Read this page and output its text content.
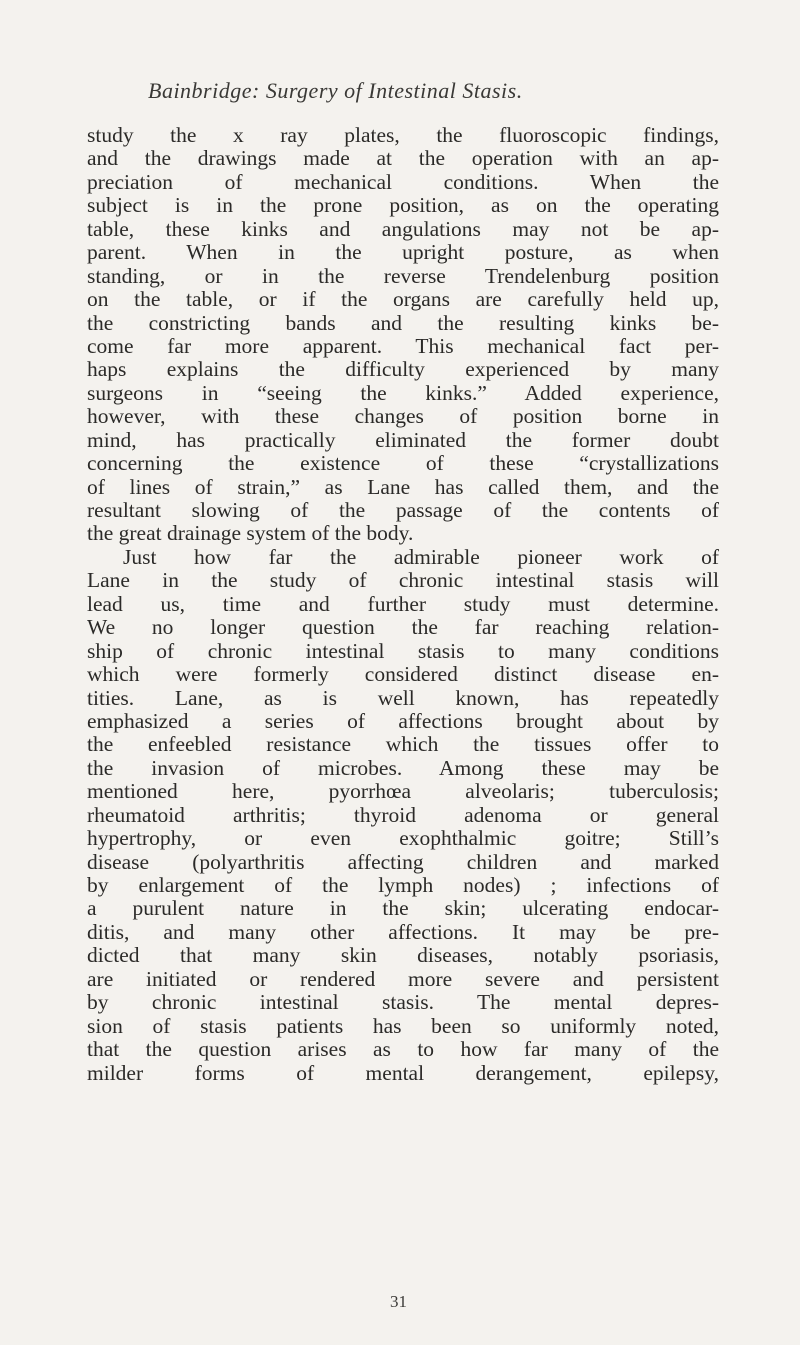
Bainbridge: Surgery of Intestinal Stasis.
study the x ray plates, the fluoroscopic findings,
and the drawings made at the operation with an ap-
preciation of mechanical conditions. When the
subject is in the prone position, as on the operating
table, these kinks and angulations may not be ap-
parent. When in the upright posture, as when
standing, or in the reverse Trendelenburg position
on the table, or if the organs are carefully held up,
the constricting bands and the resulting kinks be-
come far more apparent. This mechanical fact per-
haps explains the difficulty experienced by many
surgeons in “seeing the kinks.” Added experience,
however, with these changes of position borne in
mind, has practically eliminated the former doubt
concerning the existence of these “crystallizations
of lines of strain,” as Lane has called them, and the
resultant slowing of the passage of the contents of
the great drainage system of the body.
Just how far the admirable pioneer work of
Lane in the study of chronic intestinal stasis will
lead us, time and further study must determine.
We no longer question the far reaching relation-
ship of chronic intestinal stasis to many conditions
which were formerly considered distinct disease en-
tities. Lane, as is well known, has repeatedly
emphasized a series of affections brought about by
the enfeebled resistance which the tissues offer to
the invasion of microbes. Among these may be
mentioned here, pyorrhœa alveolaris; tuberculosis;
rheumatoid arthritis; thyroid adenoma or general
hypertrophy, or even exophthalmic goitre; Still’s
disease (polyarthritis affecting children and marked
by enlargement of the lymph nodes) ; infections of
a purulent nature in the skin; ulcerating endocar-
ditis, and many other affections. It may be pre-
dicted that many skin diseases, notably psoriasis,
are initiated or rendered more severe and persistent
by chronic intestinal stasis. The mental depres-
sion of stasis patients has been so uniformly noted,
that the question arises as to how far many of the
milder forms of mental derangement, epilepsy,
31
